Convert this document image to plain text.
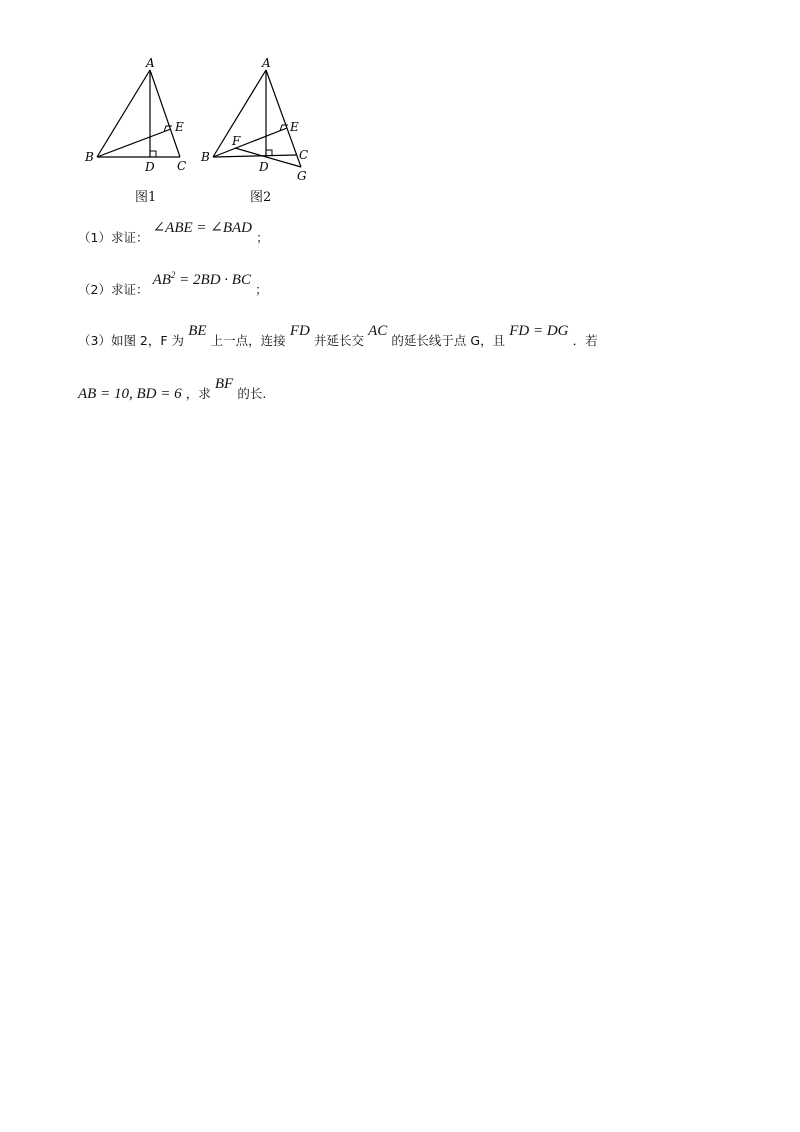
A
E
B
D C
图1
A
E
F
B
D
C
G
图2
（1）求证： ∠ABE = ∠BAD ；
（2）求证： $AB^2 = 2BD$ · BC ；
（3）如图 2，F 为 BE 上一点，连接 FD 并延长交 AC 的延长线于点 G，且 FD = DG ．若
AB = 10, BD = 6 ，求 BF 的长.
